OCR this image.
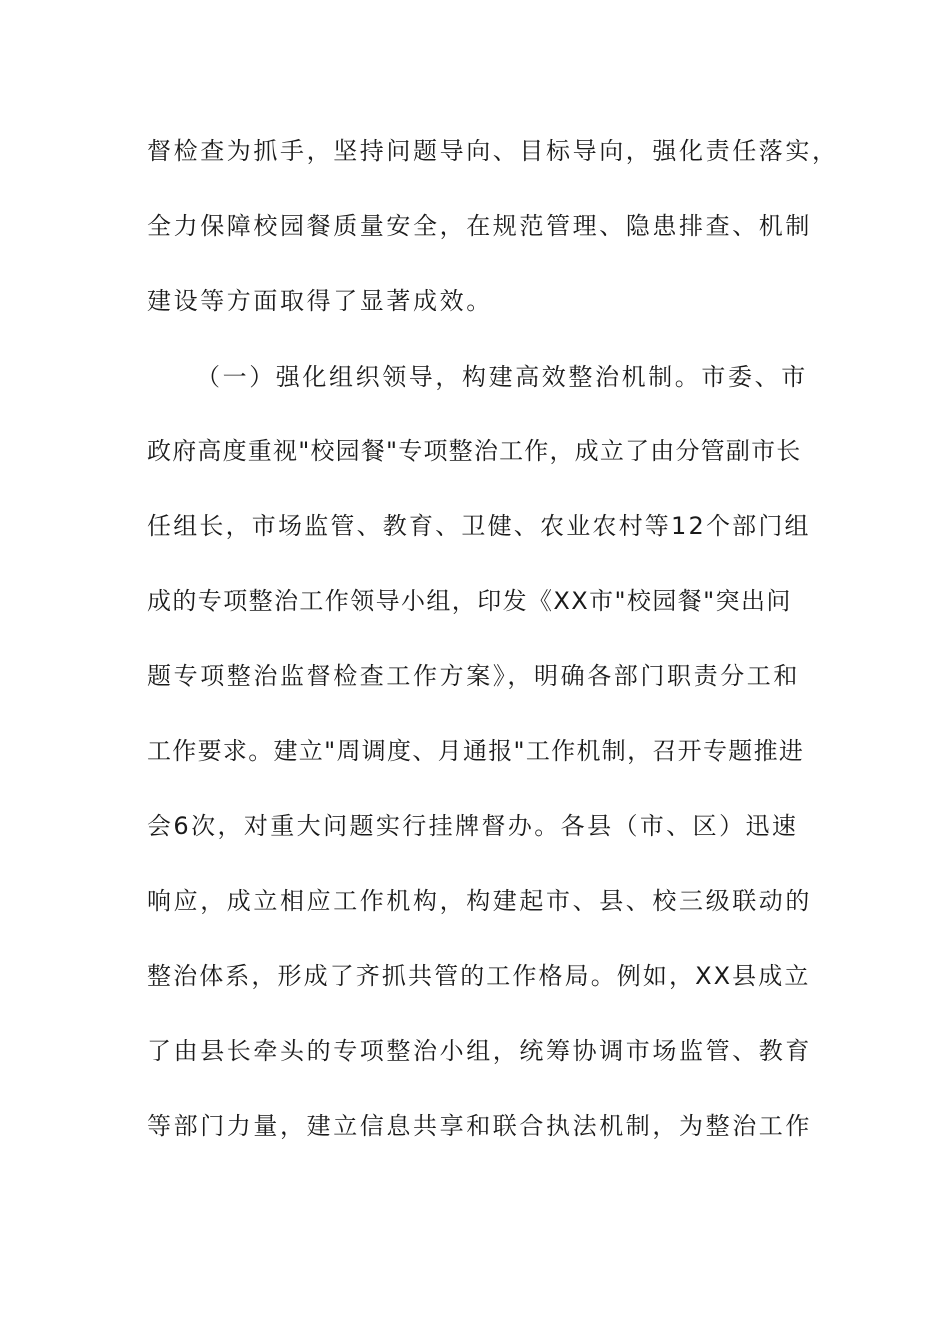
督检查为抓手，坚持问题导向、目标导向，强化责任落实，
全力保障校园餐质量安全，在规范管理、隐患排查、机制
建设等方面取得了显著成效。
（一）强化组织领导，构建高效整治机制。市委、市
政府高度重视"校园餐"专项整治工作，成立了由分管副市长
任组长，市场监管、教育、卫健、农业农村等12个部门组
成的专项整治工作领导小组，印发《XX市"校园餐"突出问
题专项整治监督检查工作方案》，明确各部门职责分工和
工作要求。建立"周调度、月通报"工作机制，召开专题推进
会6次，对重大问题实行挂牌督办。各县（市、区）迅速
响应，成立相应工作机构，构建起市、县、校三级联动的
整治体系，形成了齐抓共管的工作格局。例如，XX县成立
了由县长牵头的专项整治小组，统筹协调市场监管、教育
等部门力量，建立信息共享和联合执法机制，为整治工作
